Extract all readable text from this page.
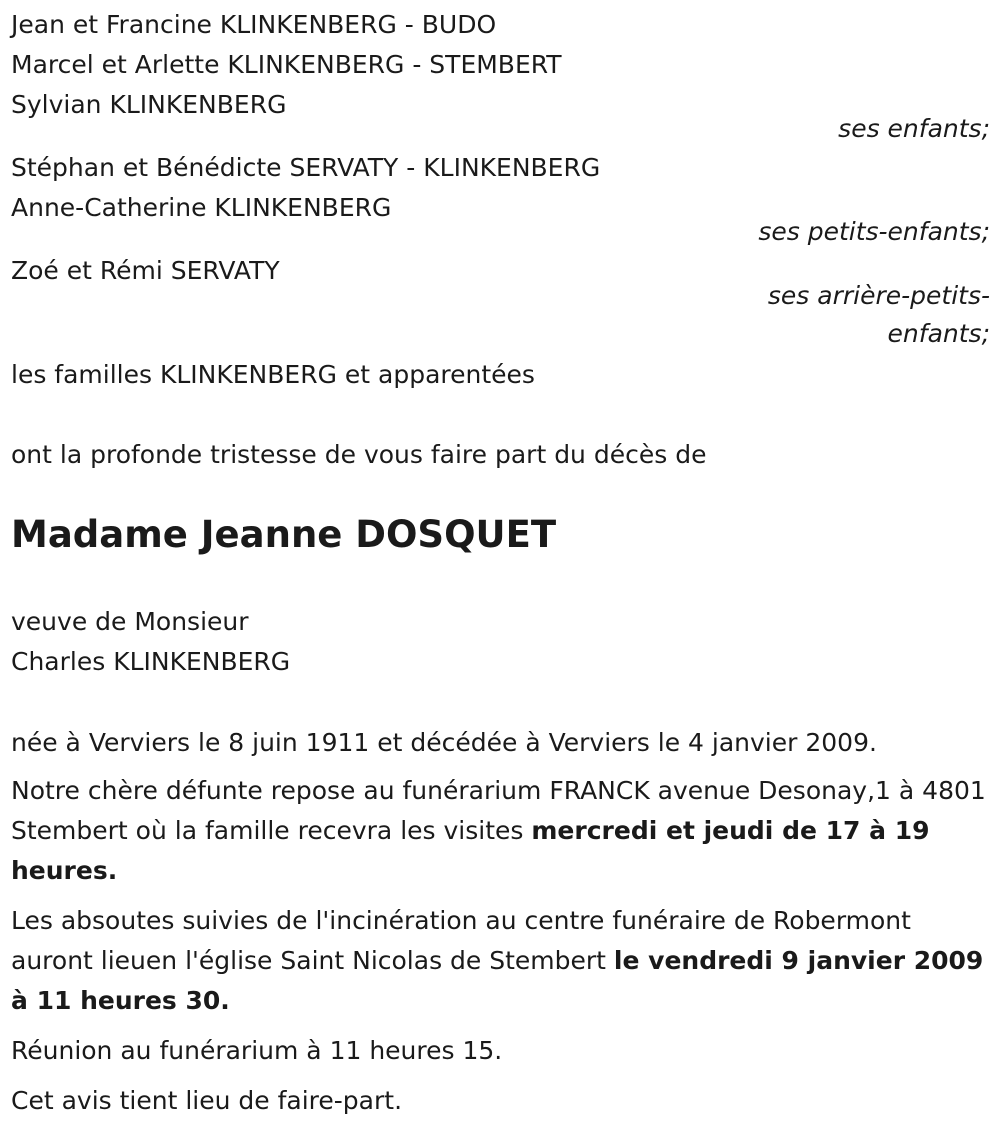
Jean et Francine KLINKENBERG - BUDO
Marcel et Arlette KLINKENBERG - STEMBERT
Sylvian KLINKENBERG
ses enfants;
Stéphan et Bénédicte SERVATY - KLINKENBERG
Anne-Catherine KLINKENBERG
ses petits-enfants;
Zoé et Rémi SERVATY
ses arrière-petits-
enfants;
les familles KLINKENBERG et apparentées
ont la profonde tristesse de vous faire part du décès de
Madame Jeanne DOSQUET
veuve de Monsieur
Charles KLINKENBERG
née à Verviers le 8 juin 1911 et décédée à Verviers le 4 janvier 2009.
Notre chère défunte repose au funérarium FRANCK avenue Desonay,1 à 4801 Stembert où la famille recevra les visites mercredi et jeudi de 17 à 19 heures.
Les absoutes suivies de l'incinération au centre funéraire de Robermont auront lieuen l'église Saint Nicolas de Stembert le vendredi 9 janvier 2009 à 11 heures 30.
Réunion au funérarium à 11 heures 15.
Cet avis tient lieu de faire-part.
